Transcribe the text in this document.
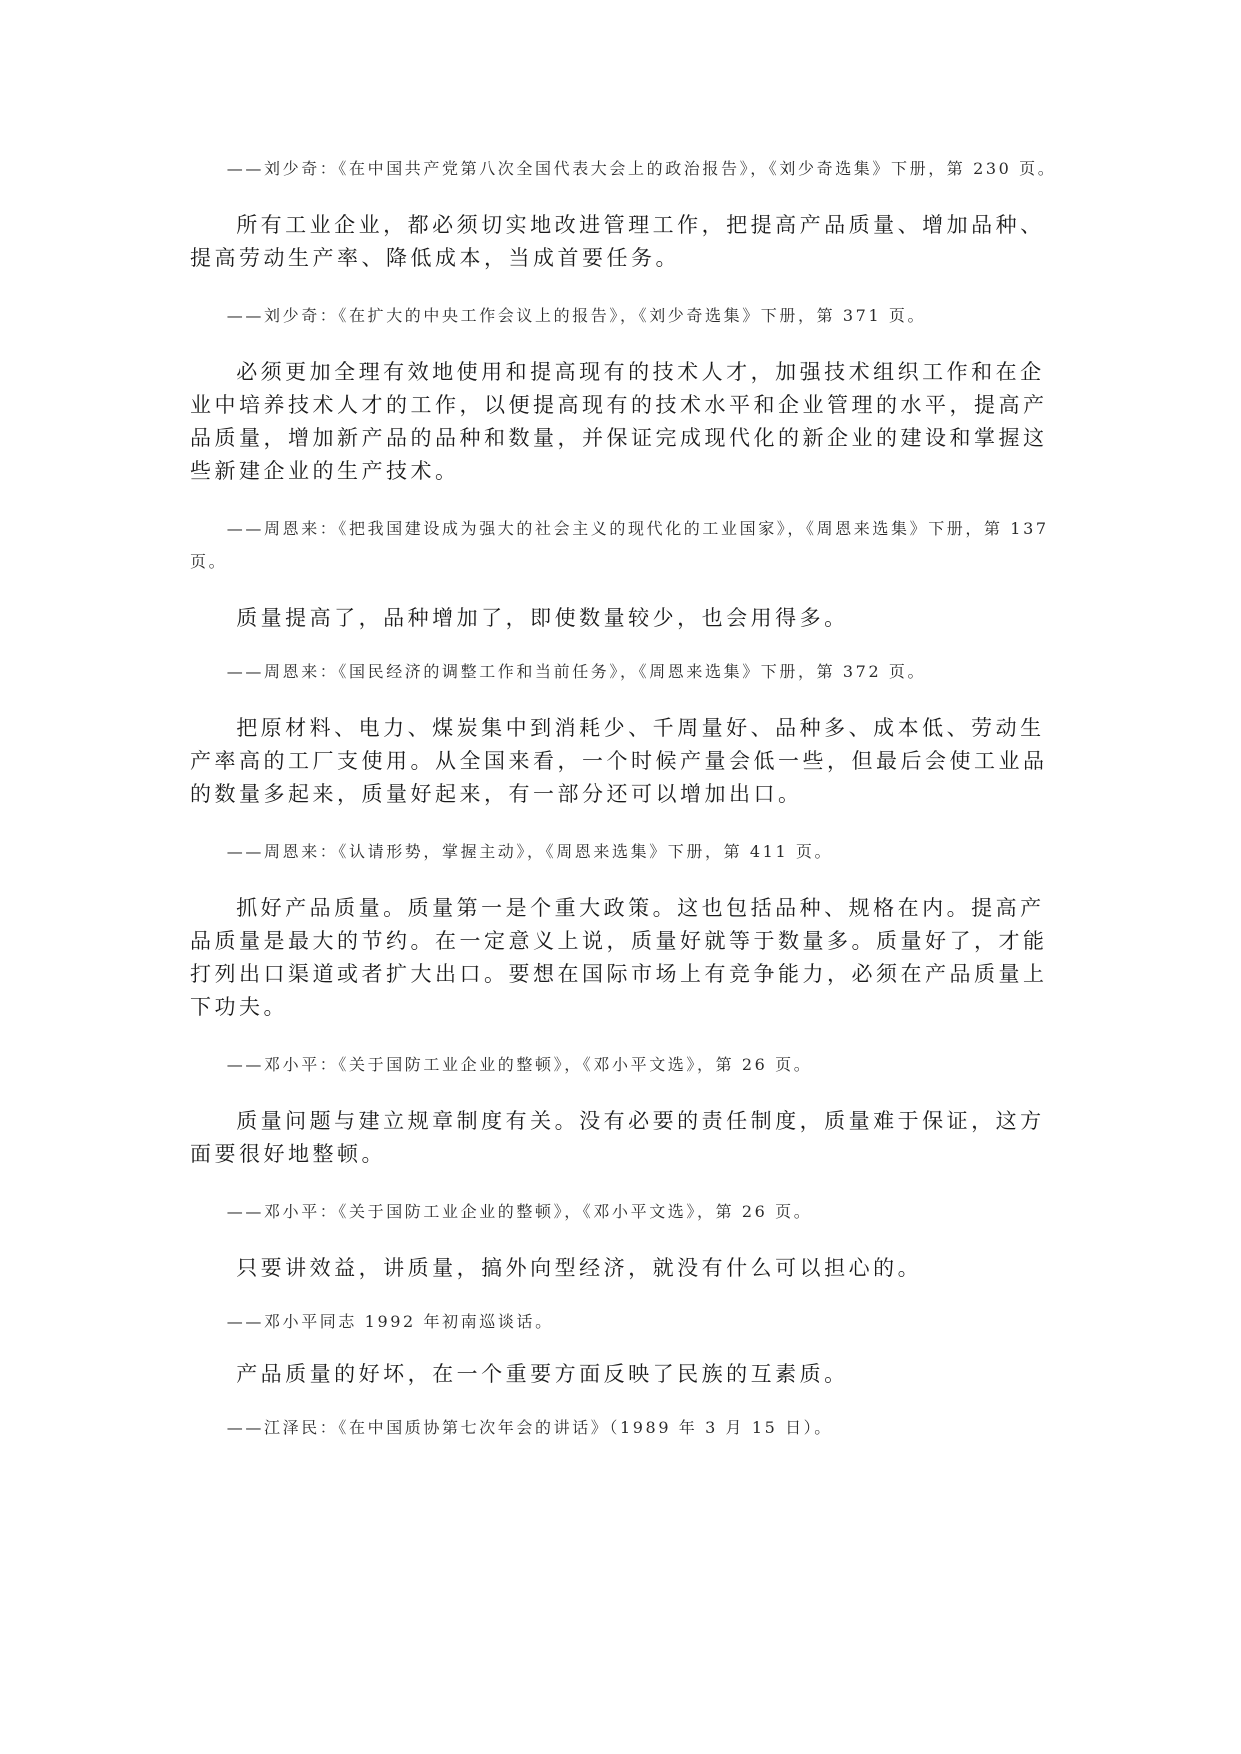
——刘少奇：《在中国共产党第八次全国代表大会上的政治报告》，《刘少奇选集》下册，第 230 页。

所有工业企业，都必须切实地改进管理工作，把提高产品质量、增加品种、提高劳动生产率、降低成本，当成首要任务。

——刘少奇：《在扩大的中央工作会议上的报告》，《刘少奇选集》下册，第 371 页。

必须更加全理有效地使用和提高现有的技术人才，加强技术组织工作和在企业中培养技术人才的工作，以便提高现有的技术水平和企业管理的水平，提高产品质量，增加新产品的品种和数量，并保证完成现代化的新企业的建设和掌握这些新建企业的生产技术。

——周恩来：《把我国建设成为强大的社会主义的现代化的工业国家》，《周恩来选集》下册，第 137 页。

质量提高了，品种增加了，即使数量较少，也会用得多。

——周恩来：《国民经济的调整工作和当前任务》，《周恩来选集》下册，第 372 页。

把原材料、电力、煤炭集中到消耗少、千周量好、品种多、成本低、劳动生产率高的工厂支使用。从全国来看，一个时候产量会低一些，但最后会使工业品的数量多起来，质量好起来，有一部分还可以增加出口。

——周恩来：《认请形势，掌握主动》，《周恩来选集》下册，第 411 页。

抓好产品质量。质量第一是个重大政策。这也包括品种、规格在内。提高产品质量是最大的节约。在一定意义上说，质量好就等于数量多。质量好了，才能打列出口渠道或者扩大出口。要想在国际市场上有竞争能力，必须在产品质量上下功夫。

——邓小平：《关于国防工业企业的整顿》，《邓小平文选》，第 26 页。

质量问题与建立规章制度有关。没有必要的责任制度，质量难于保证，这方面要很好地整顿。

——邓小平：《关于国防工业企业的整顿》，《邓小平文选》，第 26 页。

只要讲效益，讲质量，搞外向型经济，就没有什么可以担心的。

——邓小平同志 1992 年初南巡谈话。

产品质量的好坏，在一个重要方面反映了民族的互素质。

——江泽民：《在中国质协第七次年会的讲话》（1989 年 3 月 15 日）。
